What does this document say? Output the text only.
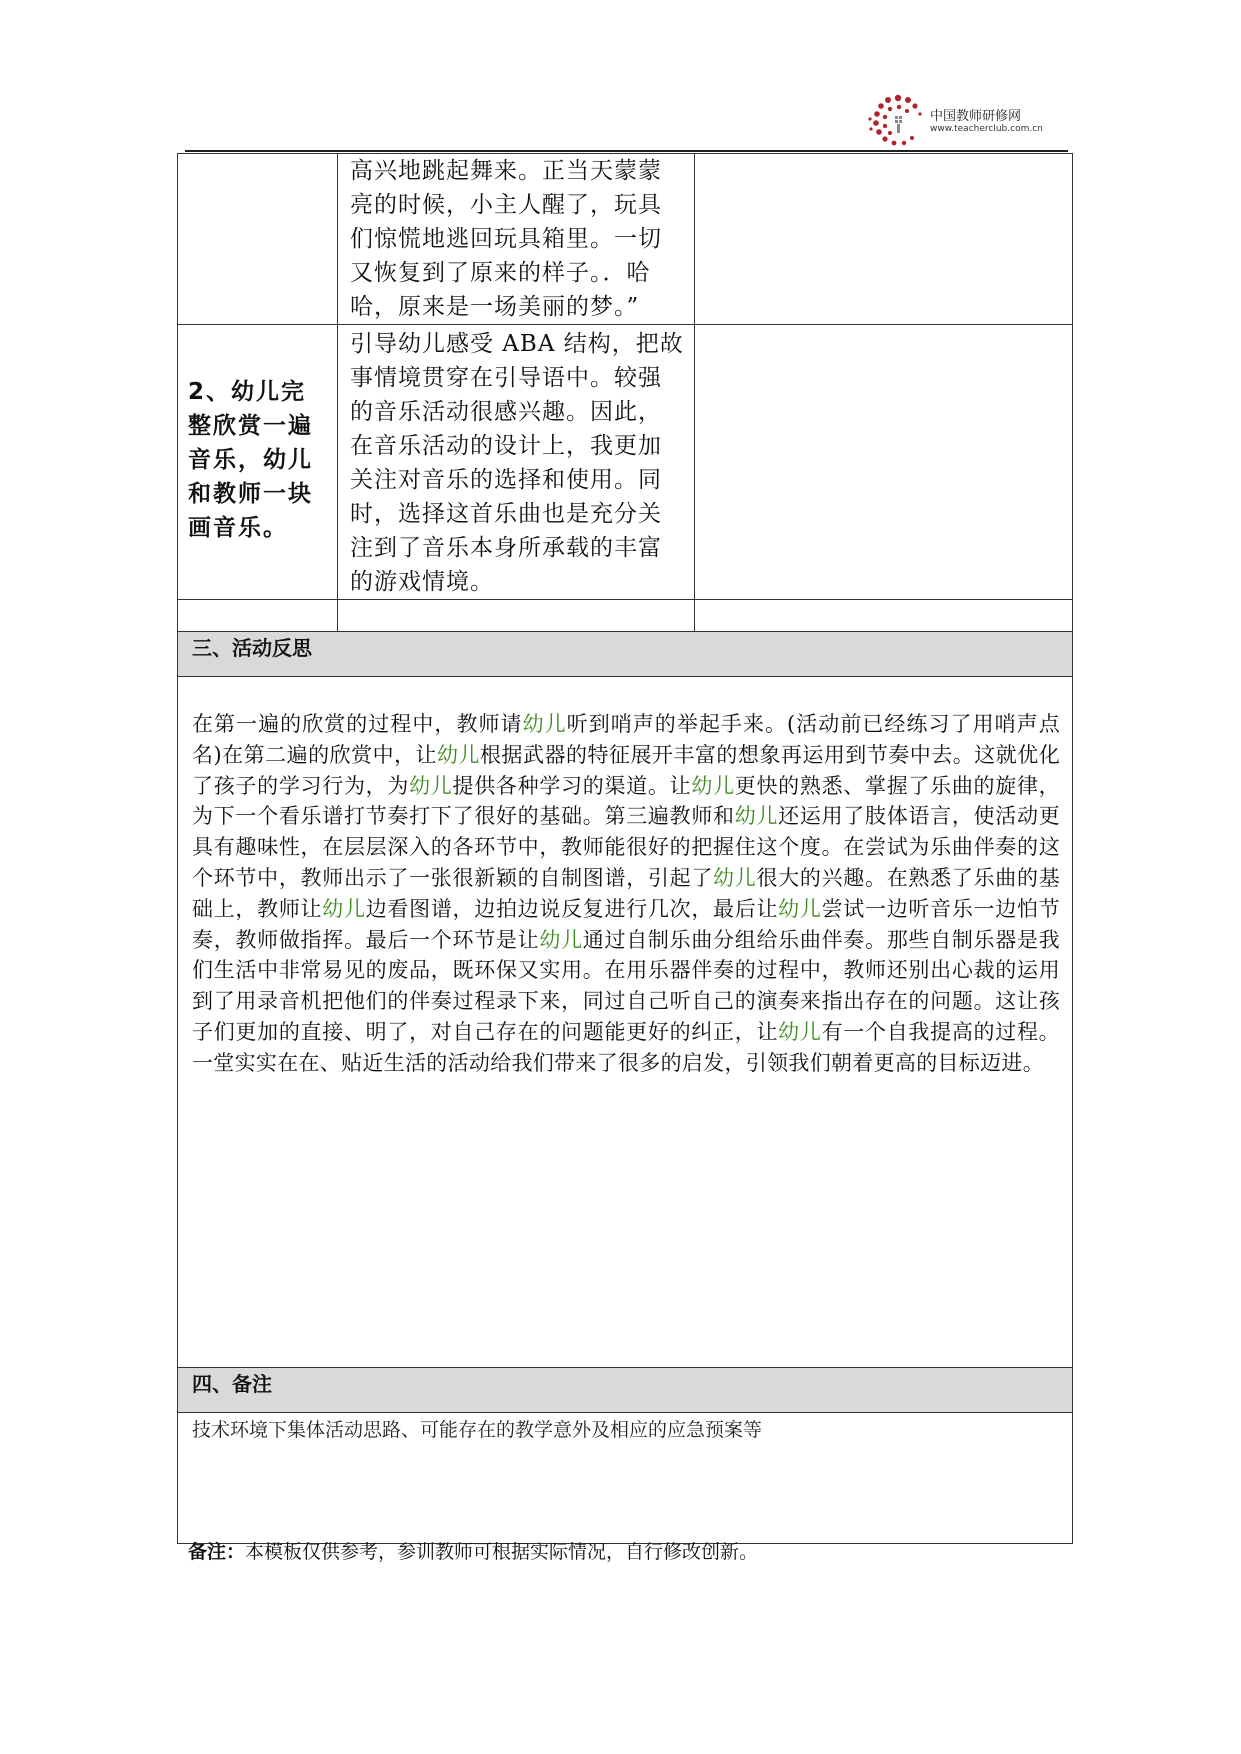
中国教师研修网
www.teacherclub.com.cn

	高兴地跳起舞来。正当天蒙蒙亮的时候，小主人醒了，玩具们惊慌地逃回玩具箱里。一切又恢复到了原来的样子。．哈哈，原来是一场美丽的梦。”	

2、幼儿完整欣赏一遍音乐，幼儿和教师一块画音乐。	引导幼儿感受 ABA 结构，把故事情境贯穿在引导语中。较强的音乐活动很感兴趣。因此，在音乐活动的设计上，我更加关注对音乐的选择和使用。同时，选择这首乐曲也是充分关注到了音乐本身所承载的丰富的游戏情境。	

三、活动反思		

在第一遍的欣赏的过程中，教师请幼儿听到哨声的举起手来。(活动前已经练习了用哨声点名)在第二遍的欣赏中，让幼儿根据武器的特征展开丰富的想象再运用到节奏中去。这就优化了孩子的学习行为，为幼儿提供各种学习的渠道。让幼儿更快的熟悉、掌握了乐曲的旋律，为下一个看乐谱打节奏打下了很好的基础。第三遍教师和幼儿还运用了肢体语言，使活动更具有趣味性，在层层深入的各环节中，教师能很好的把握住这个度。在尝试为乐曲伴奏的这个环节中，教师出示了一张很新颖的自制图谱，引起了幼儿很大的兴趣。在熟悉了乐曲的基础上，教师让幼儿边看图谱，边拍边说反复进行几次，最后让幼儿尝试一边听音乐一边怕节奏，教师做指挥。最后一个环节是让幼儿通过自制乐曲分组给乐曲伴奏。那些自制乐器是我们生活中非常易见的废品，既环保又实用。在用乐器伴奏的过程中，教师还别出心裁的运用到了用录音机把他们的伴奏过程录下来，同过自己听自己的演奏来指出存在的问题。这让孩子们更加的直接、明了，对自己存在的问题能更好的纠正，让幼儿有一个自我提高的过程。一堂实实在在、贴近生活的活动给我们带来了很多的启发，引领我们朝着更高的目标迈进。		

四、备注		

技术环境下集体活动思路、可能存在的教学意外及相应的应急预案等		
备注：本模板仅供参考，参训教师可根据实际情况，自行修改创新。
